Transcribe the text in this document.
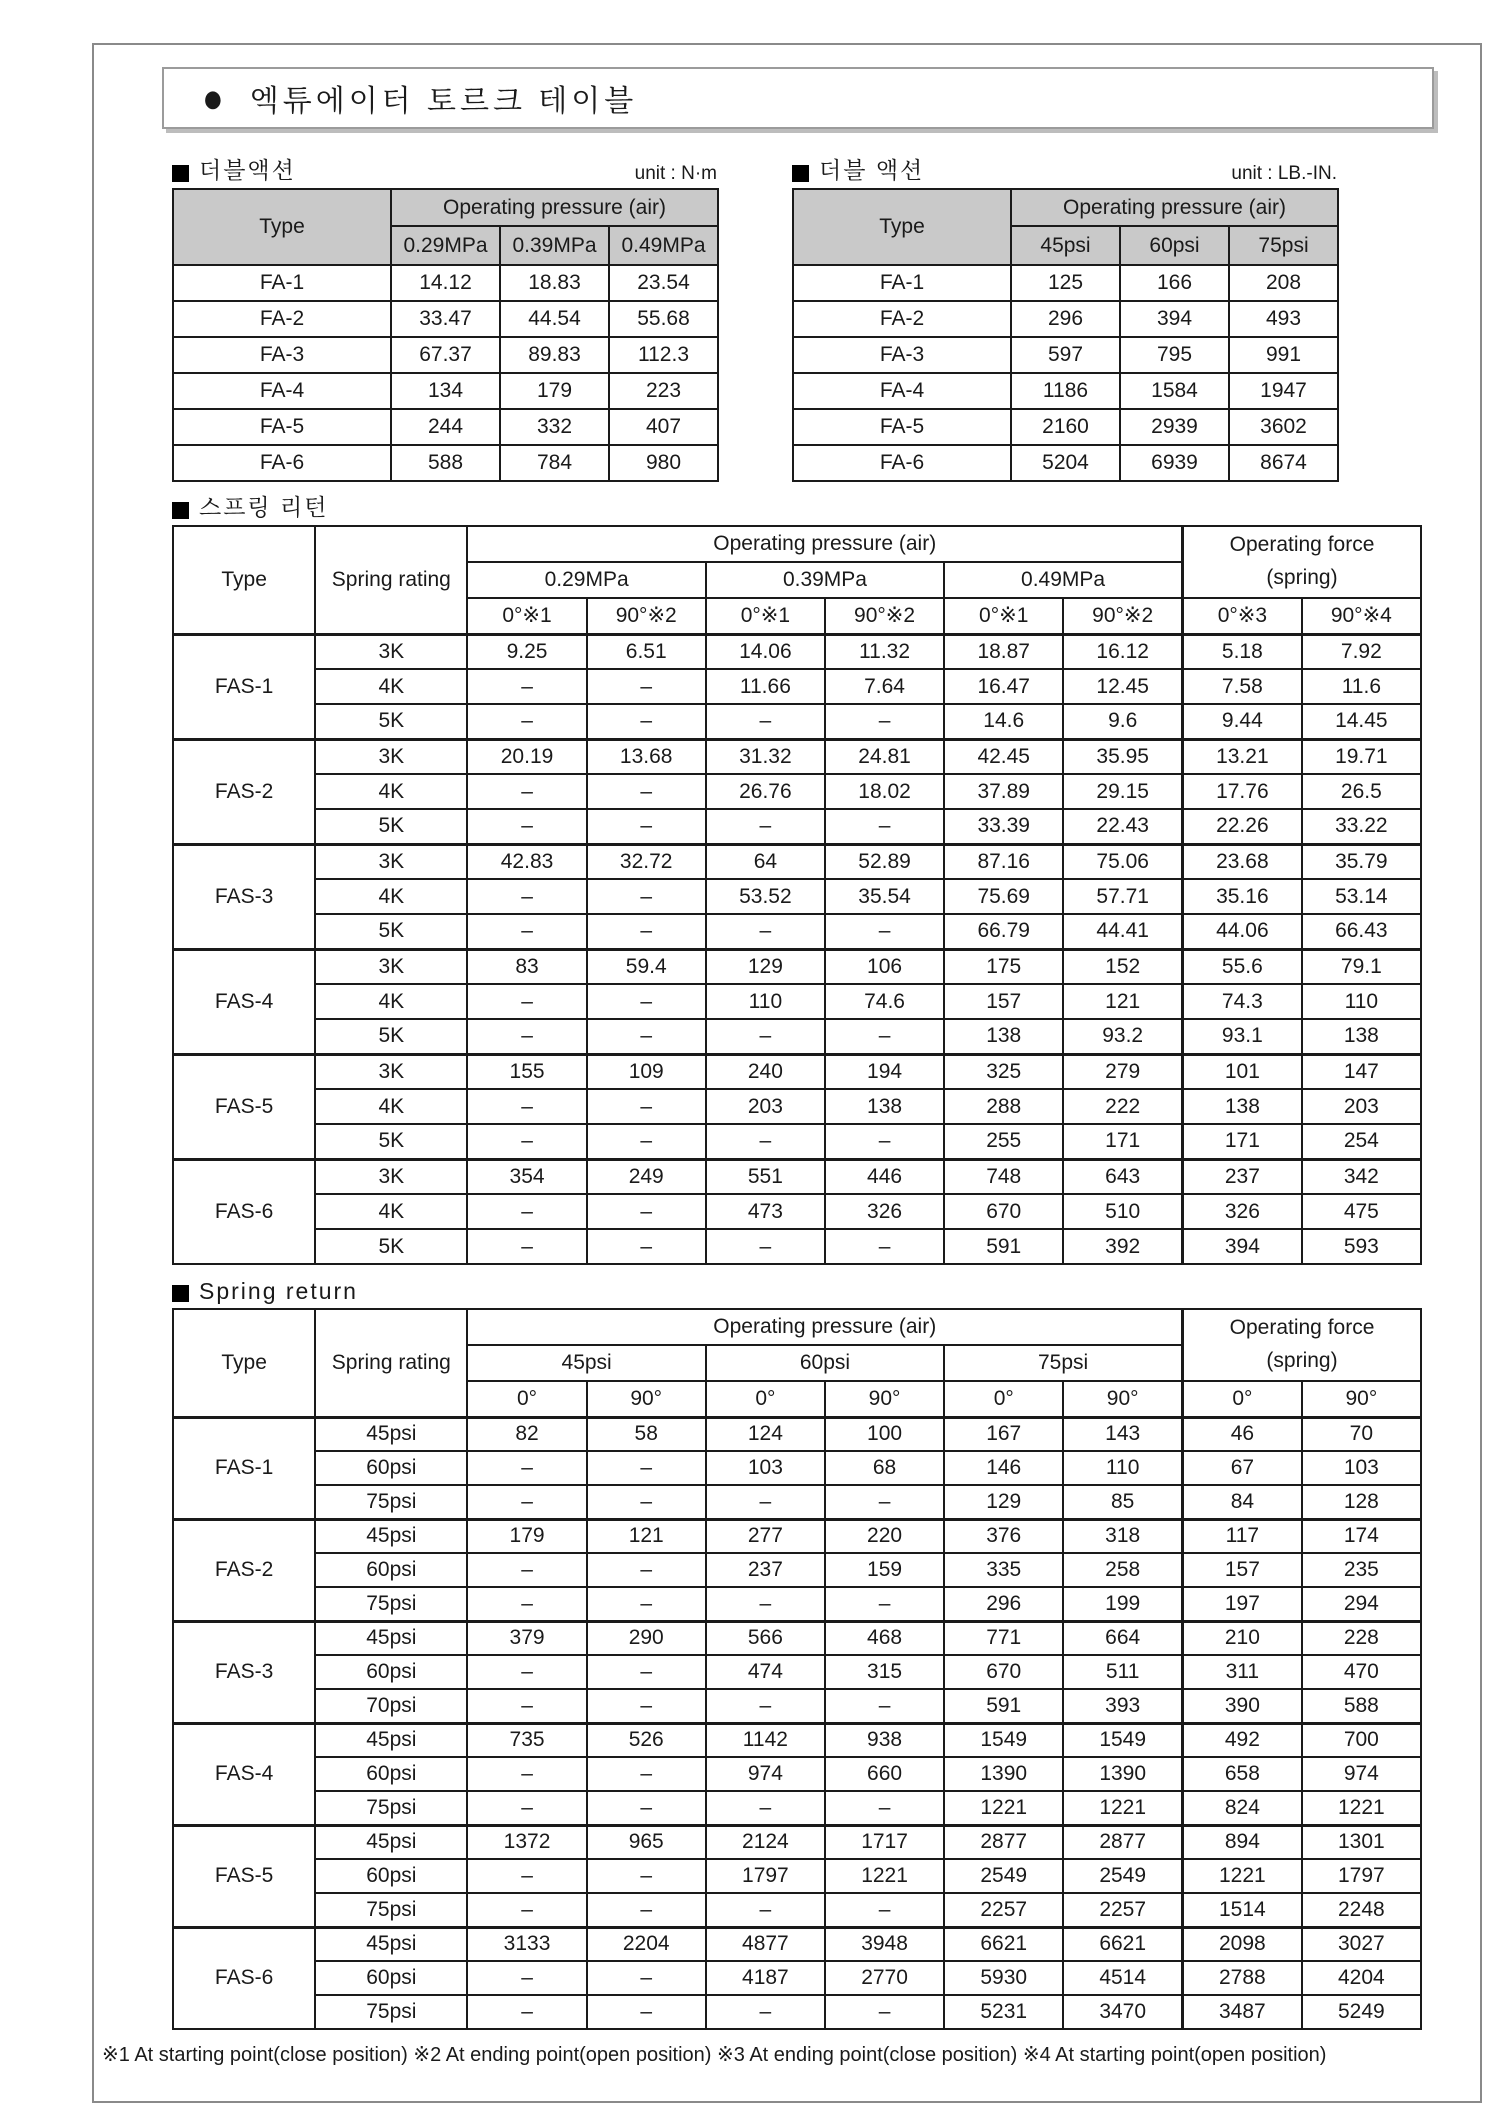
● 엑튜에이터 토르크 테이블
더블액션	unit : N·m
Type	Operating pressure (air)		
	0.29MPa	0.39MPa	0.49MPa
FA-1	14.12	18.83	23.54
FA-2	33.47	44.54	55.68
FA-3	67.37	89.83	112.3
FA-4	134	179	223
FA-5	244	332	407
FA-6	588	784	980
더블 액션	unit : LB.-IN.
Type	Operating pressure (air)		
	45psi	60psi	75psi
FA-1	125	166	208
FA-2	296	394	493
FA-3	597	795	991
FA-4	1186	1584	1947
FA-5	2160	2939	3602
FA-6	5204	6939	8674
스프링 리턴
Type	Spring rating	Operating pressure (air)						Operating force
(spring)	

		0.29MPa		0.39MPa		0.49MPa			
		0°※1	90°※2	0°※1	90°※2	0°※1	90°※2	0°※3	90°※4
FAS-1	3K	9.25	6.51	14.06	11.32	18.87	16.12	5.18	7.92
	4K	–	–	11.66	7.64	16.47	12.45	7.58	11.6
	5K	–	–	–	–	14.6	9.6	9.44	14.45
FAS-2	3K	20.19	13.68	31.32	24.81	42.45	35.95	13.21	19.71
	4K	–	–	26.76	18.02	37.89	29.15	17.76	26.5
	5K	–	–	–	–	33.39	22.43	22.26	33.22
FAS-3	3K	42.83	32.72	64	52.89	87.16	75.06	23.68	35.79
	4K	–	–	53.52	35.54	75.69	57.71	35.16	53.14
	5K	–	–	–	–	66.79	44.41	44.06	66.43
FAS-4	3K	83	59.4	129	106	175	152	55.6	79.1
	4K	–	–	110	74.6	157	121	74.3	110
	5K	–	–	–	–	138	93.2	93.1	138
FAS-5	3K	155	109	240	194	325	279	101	147
	4K	–	–	203	138	288	222	138	203
	5K	–	–	–	–	255	171	171	254
FAS-6	3K	354	249	551	446	748	643	237	342
	4K	–	–	473	326	670	510	326	475
	5K	–	–	–	–	591	392	394	593
Spring return
Type	Spring rating	Operating pressure (air)						Operating force
(spring)	

		45psi		60psi		75psi			
		0°	90°	0°	90°	0°	90°	0°	90°
FAS-1	45psi	82	58	124	100	167	143	46	70
	60psi	–	–	103	68	146	110	67	103
	75psi	–	–	–	–	129	85	84	128
FAS-2	45psi	179	121	277	220	376	318	117	174
	60psi	–	–	237	159	335	258	157	235
	75psi	–	–	–	–	296	199	197	294
FAS-3	45psi	379	290	566	468	771	664	210	228
	60psi	–	–	474	315	670	511	311	470
	70psi	–	–	–	–	591	393	390	588
FAS-4	45psi	735	526	1142	938	1549	1549	492	700
	60psi	–	–	974	660	1390	1390	658	974
	75psi	–	–	–	–	1221	1221	824	1221
FAS-5	45psi	1372	965	2124	1717	2877	2877	894	1301
	60psi	–	–	1797	1221	2549	2549	1221	1797
	75psi	–	–	–	–	2257	2257	1514	2248
FAS-6	45psi	3133	2204	4877	3948	6621	6621	2098	3027
	60psi	–	–	4187	2770	5930	4514	2788	4204
	75psi	–	–	–	–	5231	3470	3487	5249
※1 At starting point(close position) ※2 At ending point(open position) ※3 At ending point(close position) ※4 At starting point(open position)
